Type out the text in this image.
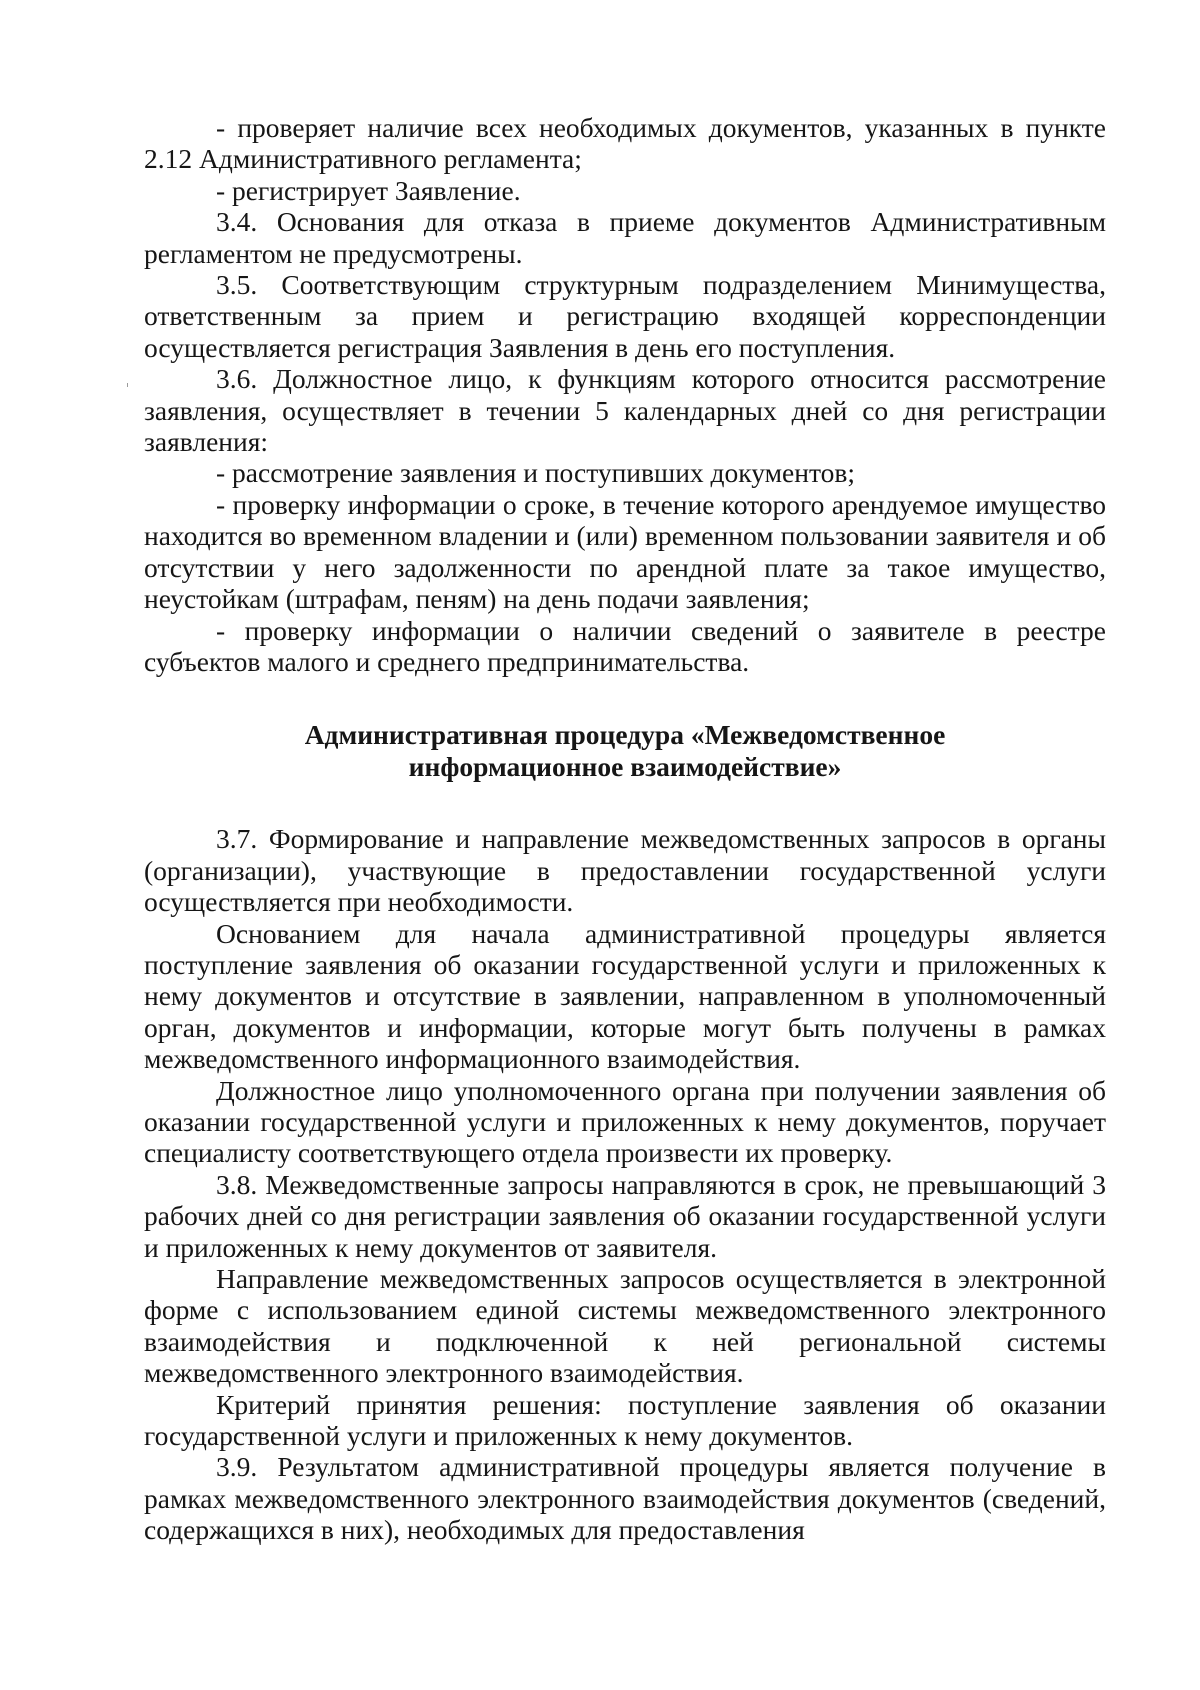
- проверяет наличие всех необходимых документов, указанных в пункте 2.12 Административного регламента;

- регистрирует Заявление.

3.4. Основания для отказа в приеме документов Административным регламентом не предусмотрены.

3.5. Соответствующим структурным подразделением Минимущества, ответственным за прием и регистрацию входящей корреспонденции осуществляется регистрация Заявления в день его поступления.

3.6. Должностное лицо, к функциям которого относится рассмотрение заявления, осуществляет в течении 5 календарных дней со дня регистрации заявления:

- рассмотрение заявления и поступивших документов;

- проверку информации о сроке, в течение которого арендуемое имущество находится во временном владении и (или) временном пользовании заявителя и об отсутствии у него задолженности по арендной плате за такое имущество, неустойкам (штрафам, пеням) на день подачи заявления;

- проверку информации о наличии сведений о заявителе в реестре субъектов малого и среднего предпринимательства.

Административная процедура «Межведомственное
информационное взаимодействие»

3.7. Формирование и направление межведомственных запросов в органы (организации), участвующие в предоставлении государственной услуги осуществляется при необходимости.

Основанием для начала административной процедуры является поступление заявления об оказании государственной услуги и приложенных к нему документов и отсутствие в заявлении, направленном в уполномоченный орган, документов и информации, которые могут быть получены в рамках межведомственного информационного взаимодействия.

Должностное лицо уполномоченного органа при получении заявления об оказании государственной услуги и приложенных к нему документов, поручает специалисту соответствующего отдела произвести их проверку.

3.8. Межведомственные запросы направляются в срок, не превышающий 3 рабочих дней со дня регистрации заявления об оказании государственной услуги и приложенных к нему документов от заявителя.

Направление межведомственных запросов осуществляется в электронной форме с использованием единой системы межведомственного электронного взаимодействия и подключенной к ней региональной системы межведомственного электронного взаимодействия.

Критерий принятия решения: поступление заявления об оказании государственной услуги и приложенных к нему документов.

3.9. Результатом административной процедуры является получение в рамках межведомственного электронного взаимодействия документов (сведений, содержащихся в них), необходимых для предоставления
